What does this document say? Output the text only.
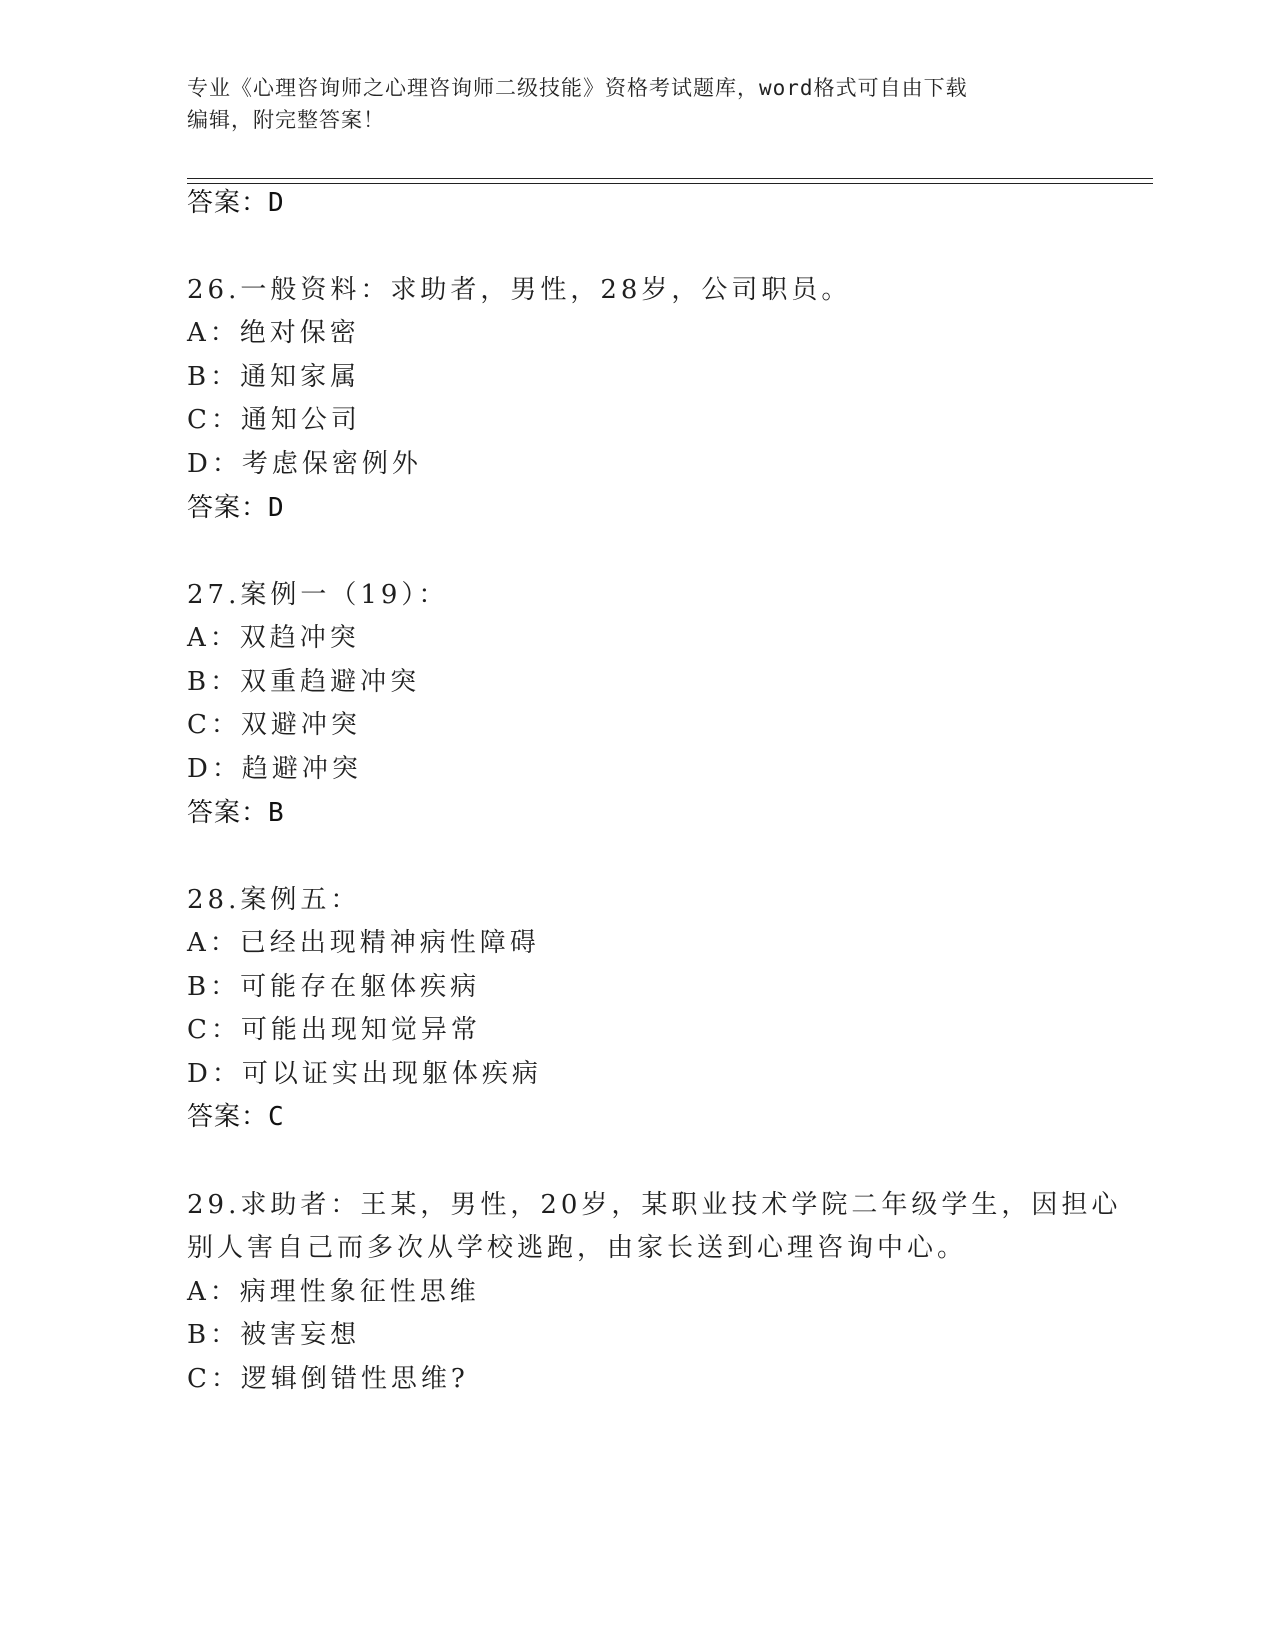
专业《心理咨询师之心理咨询师二级技能》资格考试题库，word格式可自由下载
编辑，附完整答案！
答案：D
26.一般资料：求助者，男性，28岁，公司职员。
A：绝对保密
B：通知家属
C：通知公司
D：考虑保密例外
答案：D
27.案例一（19）：
A：双趋冲突
B：双重趋避冲突
C：双避冲突
D：趋避冲突
答案：B
28.案例五：
A：已经出现精神病性障碍
B：可能存在躯体疾病
C：可能出现知觉异常
D：可以证实出现躯体疾病
答案：C
29.求助者：王某，男性，20岁，某职业技术学院二年级学生，因担心
别人害自己而多次从学校逃跑，由家长送到心理咨询中心。
A：病理性象征性思维
B：被害妄想
C：逻辑倒错性思维?
